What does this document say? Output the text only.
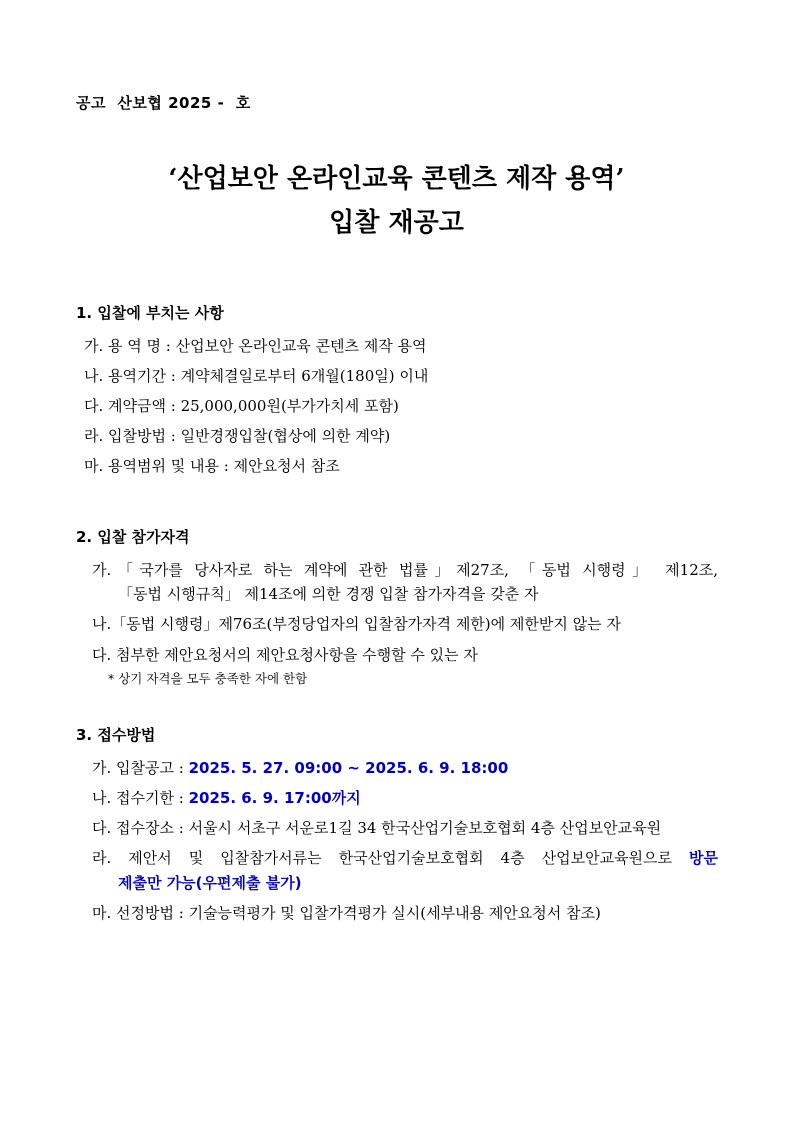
공고  산보협 2025 -  호
‘산업보안 온라인교육 콘텐츠 제작 용역’
입찰 재공고
1. 입찰에 부치는 사항
가. 용 역 명 : 산업보안 온라인교육 콘텐츠 제작 용역
나. 용역기간 : 계약체결일로부터 6개월(180일) 이내
다. 계약금액 : 25,000,000원(부가가치세 포함)
라. 입찰방법 : 일반경쟁입찰(협상에 의한 계약)
마. 용역범위 및 내용 : 제안요청서 참조
2. 입찰 참가자격
가.「국가를 당사자로 하는 계약에 관한 법률」제27조, 「동법 시행령」 제12조,
「동법 시행규칙」 제14조에 의한 경쟁 입찰 참가자격을 갖춘 자
나.「동법 시행령」제76조(부정당업자의 입찰참가자격 제한)에 제한받지 않는 자
다. 첨부한 제안요청서의 제안요청사항을 수행할 수 있는 자
* 상기 자격을 모두 충족한 자에 한함
3. 접수방법
가. 입찰공고 : 2025. 5. 27. 09:00 ~ 2025. 6. 9. 18:00
나. 접수기한 : 2025. 6. 9. 17:00까지
다. 접수장소 : 서울시 서초구 서운로1길 34 한국산업기술보호협회 4층 산업보안교육원
라. 제안서 및 입찰참가서류는 한국산업기술보호협회 4층 산업보안교육원으로 방문
제출만 가능(우편제출 불가)
마. 선정방법 : 기술능력평가 및 입찰가격평가 실시(세부내용 제안요청서 참조)
